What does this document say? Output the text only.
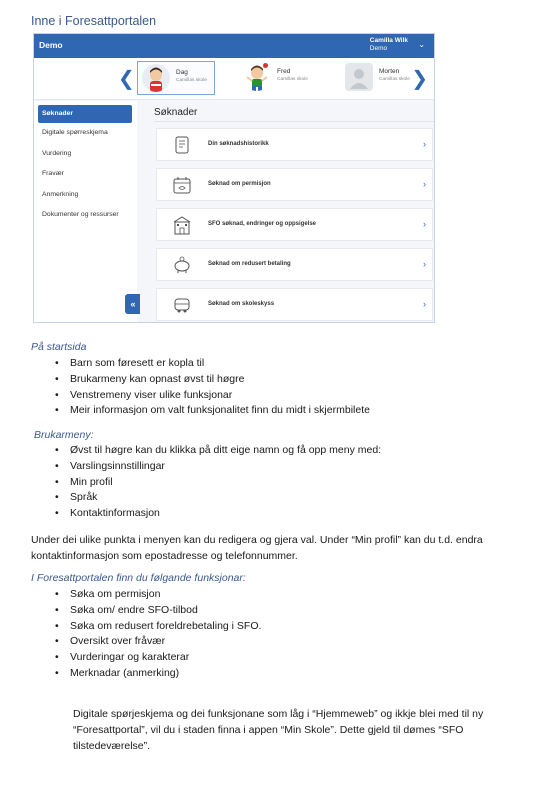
Inne i Foresattportalen
Demo	Camilla Wilk
Demo	⌄
❮	Dag
Camillas skole
Fred
Camillas skole
Morten
Camillas skole ❯
Søknader
Digitale spørreskjema
Vurdering
Fravær
Anmerkning
Dokumenter og ressurser
«
Søknader
Din søknadshistorikk	›
Søknad om permisjon	›
SFO søknad, endringer og oppsigelse	›
Søknad om redusert betaling	›
Søknad om skoleskyss	›
På startsida
• Barn som føresett er kopla til
• Brukarmeny kan opnast øvst til høgre
• Venstremeny viser ulike funksjonar
• Meir informasjon om valt funksjonalitet finn du midt i skjermbilete
Brukarmeny:
• Øvst til høgre kan du klikka på ditt eige namn og få opp meny med:
• Varslingsinnstillingar
• Min profil
• Språk
• Kontaktinformasjon
Under dei ulike punkta i menyen kan du redigera og gjera val. Under “Min profil” kan du t.d. endra
kontaktinformasjon som epostadresse og telefonnummer.
I Foresattportalen finn du følgande funksjonar:
• Søka om permisjon
• Søka om/ endre SFO-tilbod
• Søka om redusert foreldrebetaling i SFO.
• Oversikt over fråvær
• Vurderingar og karakterar
• Merknadar (anmerking)
Digitale spørjeskjema og dei funksjonane som låg i “Hjemmeweb” og ikkje blei med til ny
“Foresattportal”, vil du i staden finna i appen “Min Skole”. Dette gjeld til dømes “SFO
tilstedeværelse”.
